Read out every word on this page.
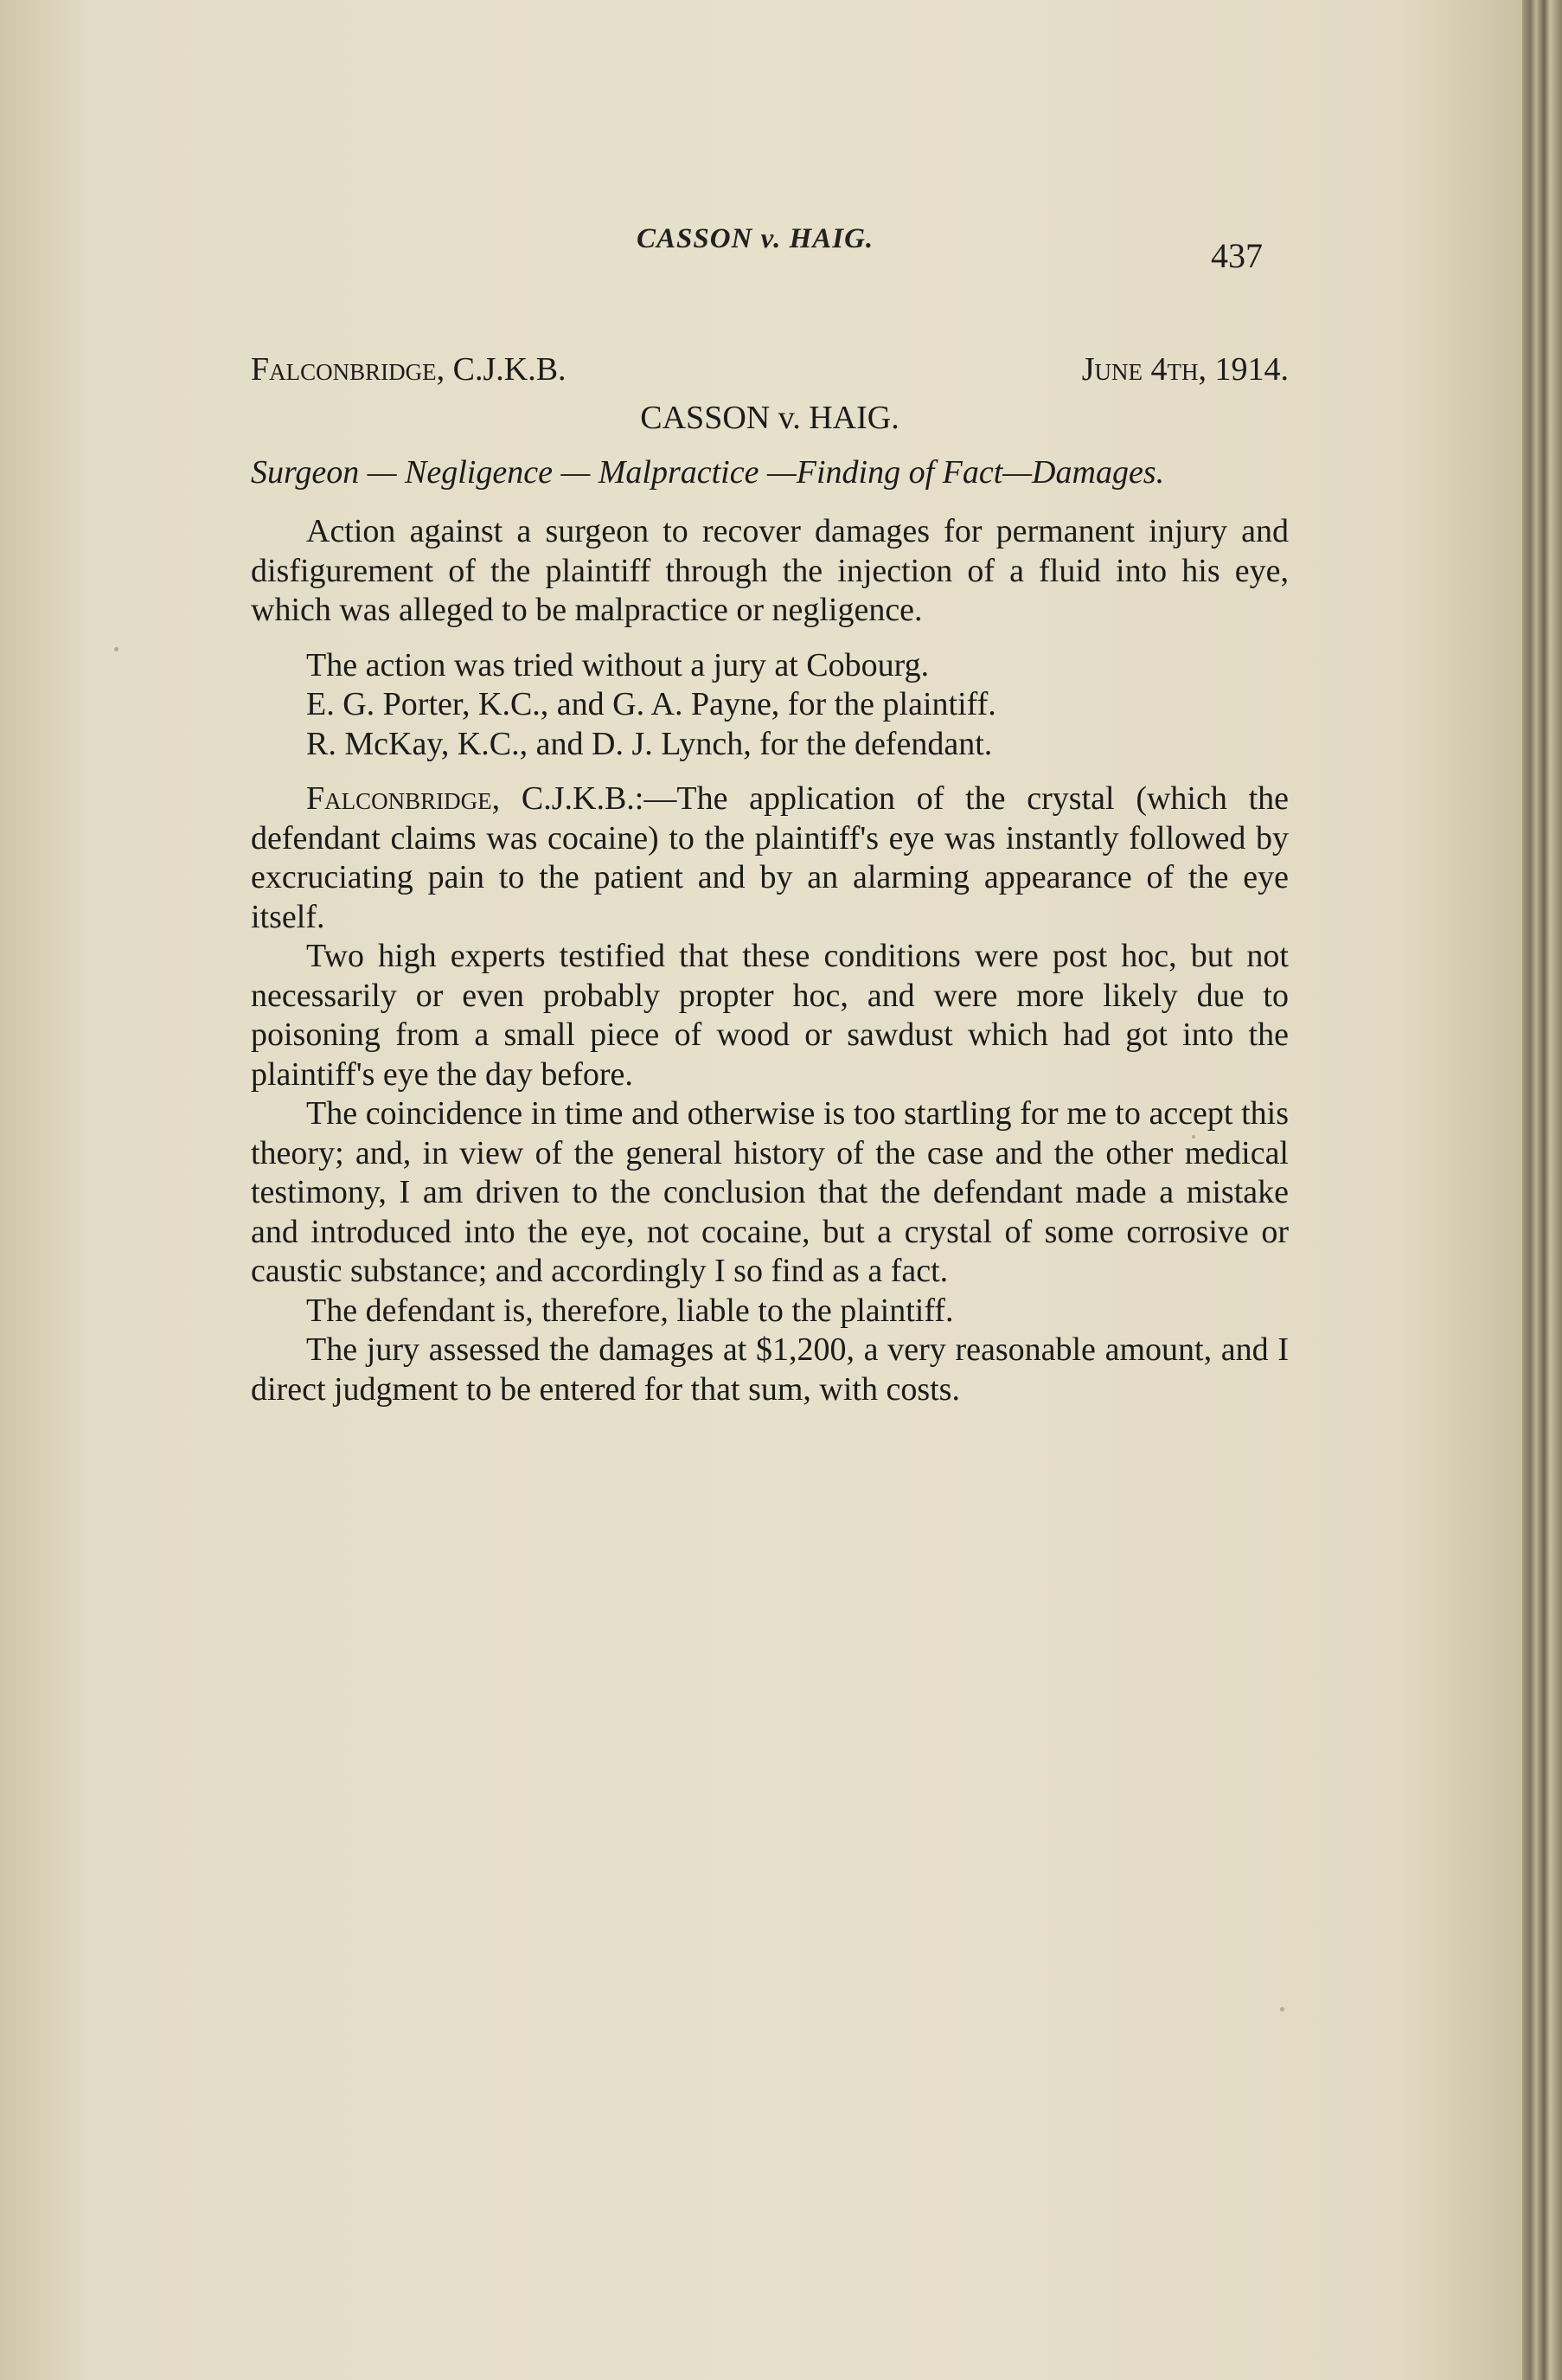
CASSON v. HAIG.	437
Falconbridge, C.J.K.B.	June 4th, 1914.
CASSON v. HAIG.

Surgeon — Negligence — Malpractice —Finding of Fact—Damages.

Action against a surgeon to recover damages for permanent injury and disfigurement of the plaintiff through the injection of a fluid into his eye, which was alleged to be malpractice or negligence.

The action was tried without a jury at Cobourg.

E. G. Porter, K.C., and G. A. Payne, for the plaintiff.

R. McKay, K.C., and D. J. Lynch, for the defendant.

Falconbridge, C.J.K.B.:—The application of the crystal (which the defendant claims was cocaine) to the plaintiff's eye was instantly followed by excruciating pain to the patient and by an alarming appearance of the eye itself.

Two high experts testified that these conditions were post hoc, but not necessarily or even probably propter hoc, and were more likely due to poisoning from a small piece of wood or sawdust which had got into the plaintiff's eye the day before.

The coincidence in time and otherwise is too startling for me to accept this theory; and, in view of the general history of the case and the other medical testimony, I am driven to the conclusion that the defendant made a mistake and introduced into the eye, not cocaine, but a crystal of some corrosive or caustic substance; and accordingly I so find as a fact.

The defendant is, therefore, liable to the plaintiff.

The jury assessed the damages at $1,200, a very reasonable amount, and I direct judgment to be entered for that sum, with costs.
